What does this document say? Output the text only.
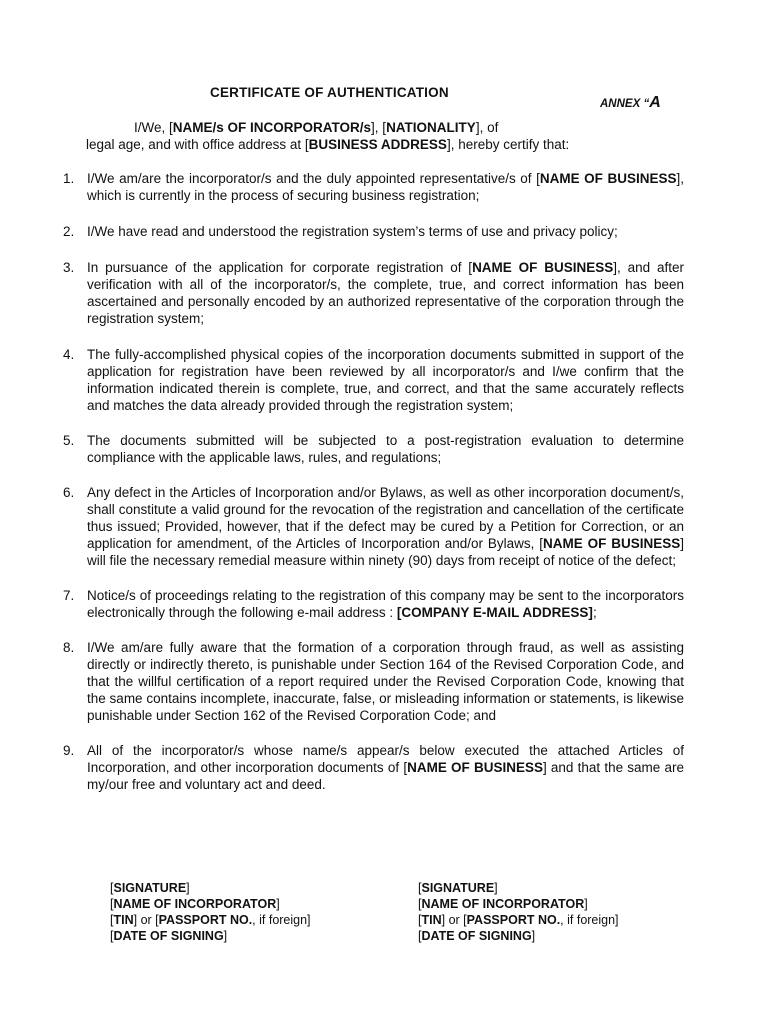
CERTIFICATE OF AUTHENTICATION
ANNEX “A
I/We, [NAME/s OF INCORPORATOR/s], [NATIONALITY], of
legal age, and with office address at [BUSINESS ADDRESS], hereby certify that:
1. I/We am/are the incorporator/s and the duly appointed representative/s of [NAME OF BUSINESS], which is currently in the process of securing business registration;
2. I/We have read and understood the registration system’s terms of use and privacy policy;
3. In pursuance of the application for corporate registration of [NAME OF BUSINESS], and after verification with all of the incorporator/s, the complete, true, and correct information has been ascertained and personally encoded by an authorized representative of the corporation through the registration system;
4. The fully-accomplished physical copies of the incorporation documents submitted in support of the application for registration have been reviewed by all incorporator/s and I/we confirm that the information indicated therein is complete, true, and correct, and that the same accurately reflects and matches the data already provided through the registration system;
5. The documents submitted will be subjected to a post-registration evaluation to determine compliance with the applicable laws, rules, and regulations;
6. Any defect in the Articles of Incorporation and/or Bylaws, as well as other incorporation document/s, shall constitute a valid ground for the revocation of the registration and cancellation of the certificate thus issued; Provided, however, that if the defect may be cured by a Petition for Correction, or an application for amendment, of the Articles of Incorporation and/or Bylaws, [NAME OF BUSINESS] will file the necessary remedial measure within ninety (90) days from receipt of notice of the defect;
7. Notice/s of proceedings relating to the registration of this company may be sent to the incorporators electronically through the following e-mail address : [COMPANY E-MAIL ADDRESS];
8. I/We am/are fully aware that the formation of a corporation through fraud, as well as assisting directly or indirectly thereto, is punishable under Section 164 of the Revised Corporation Code, and that the willful certification of a report required under the Revised Corporation Code, knowing that the same contains incomplete, inaccurate, false, or misleading information or statements, is likewise punishable under Section 162 of the Revised Corporation Code; and
9. All of the incorporator/s whose name/s appear/s below executed the attached Articles of Incorporation, and other incorporation documents of [NAME OF BUSINESS] and that the same are my/our free and voluntary act and deed.
[SIGNATURE]
[NAME OF INCORPORATOR]
[TIN] or [PASSPORT NO., if foreign]
[DATE OF SIGNING]
[SIGNATURE]
[NAME OF INCORPORATOR]
[TIN] or [PASSPORT NO., if foreign]
[DATE OF SIGNING]
